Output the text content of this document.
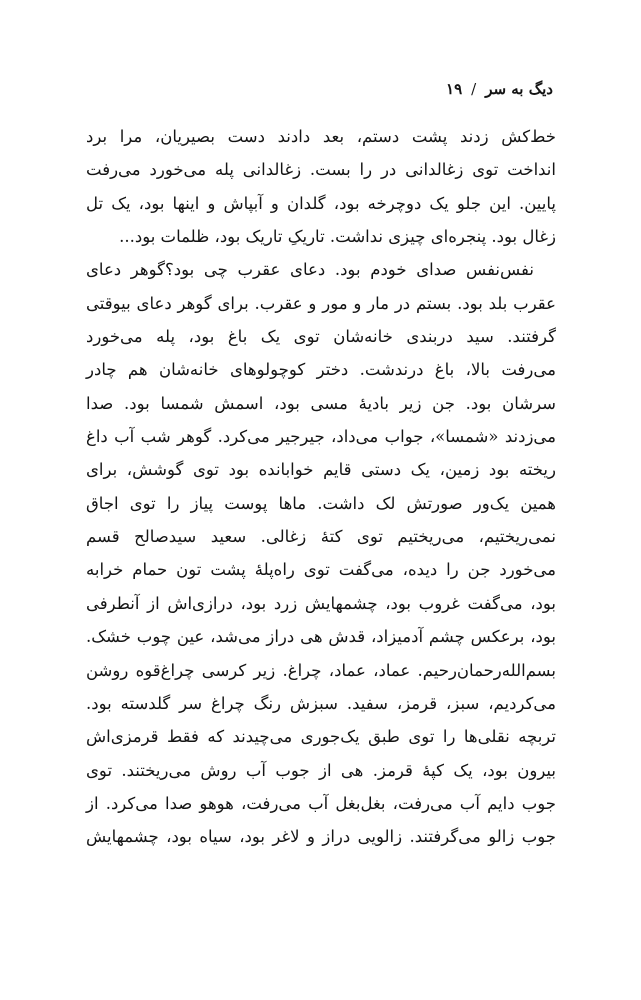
دیگ به سر/۱۹
خط‌کش زدند پشت دستم، بعد دادند دست بصیریان، مرا برد
انداخت توی زغالدانی در را بست. زغالدانی پله می‌خورد می‌رفت
پایین. این جلو یک دوچرخه بود، گلدان و آبپاش و اینها بود، یک تل
زغال بود. پنجره‌ای چیزی نداشت. تاریکِ تاریک بود، ظلمات بود...
نفس‌نفس صدای خودم بود. دعای عقرب چی بود؟گوهر دعای
عقرب بلد بود. بستم در مار و مور و عقرب. برای گوهر دعای بیوقتی
گرفتند. سید دربندی خانه‌شان توی یک باغ بود، پله می‌خورد
می‌رفت بالا، باغ درندشت. دختر کوچولوهای خانه‌شان هم چادر
سرشان بود. جن زیر بادیهٔ مسی بود، اسمش شمسا بود. صدا
می‌زدند «شمسا»، جواب می‌داد، جیرجیر می‌کرد. گوهر شب آب داغ
ریخته بود زمین، یک دستی قایم خوابانده بود توی گوشش، برای
همین یک‌ور صورتش لک داشت. ماها پوست پیاز را توی اجاق
نمی‌ریختیم، می‌ریختیم توی کتهٔ زغالی. سعید سیدصالح قسم
می‌خورد جن را دیده، می‌گفت توی راه‌پلهٔ پشت تون حمام خرابه
بود، می‌گفت غروب بود، چشمهایش زرد بود، درازی‌اش از آنطرفی
بود، برعکس چشم آدمیزاد، قدش هی دراز می‌شد، عین چوب خشک.
بسم‌الله‌رحمان‌رحیم. عماد، عماد، چراغ. زیر کرسی چراغ‌قوه روشن
می‌کردیم، سبز، قرمز، سفید. سبزش رنگ چراغ سر گلدسته بود.
تربچه نقلی‌ها را توی طبق یک‌جوری می‌چیدند که فقط قرمزی‌اش
بیرون بود، یک کپهٔ قرمز. هی از جوب آب روش می‌ریختند. توی
جوب دایم آب می‌رفت، بغل‌بغل آب می‌رفت، هوهو صدا می‌کرد. از
جوب زالو می‌گرفتند. زالویی دراز و لاغر بود، سیاه بود، چشمهایش
